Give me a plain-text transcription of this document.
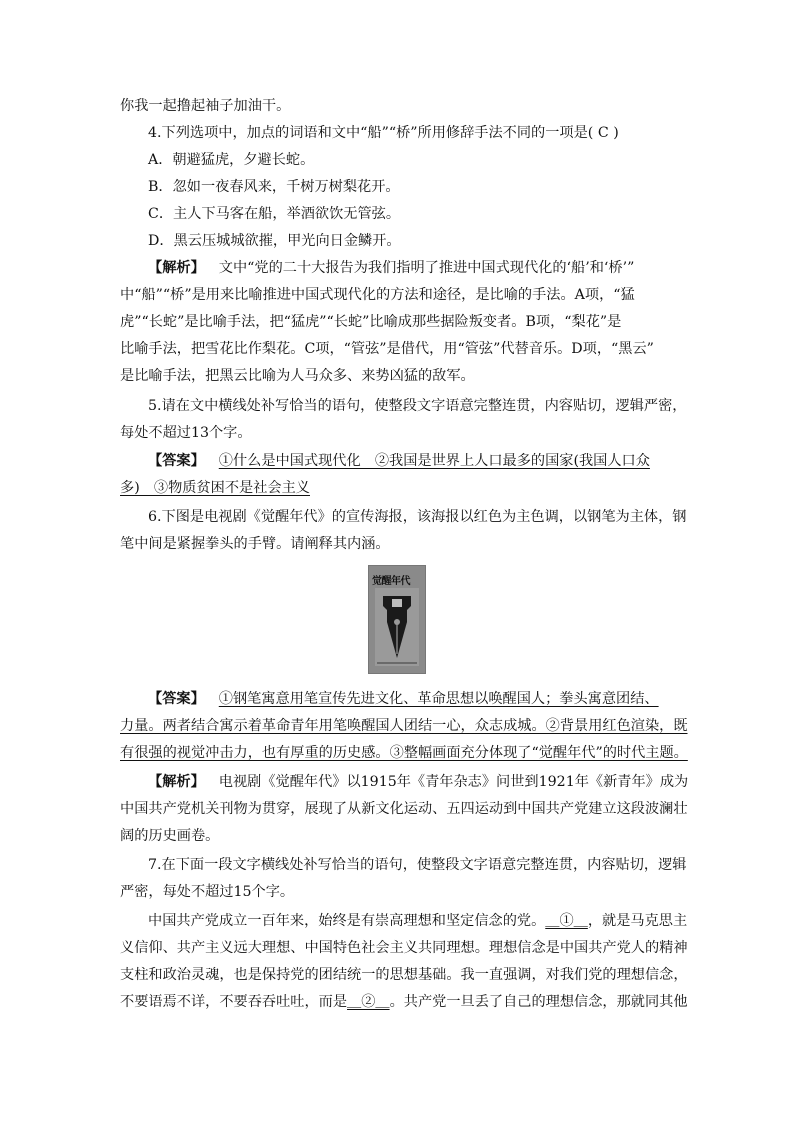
你我一起撸起袖子加油干。
4.下列选项中，加点的词语和文中“船”“桥”所用修辞手法不同的一项是( C )
A．朝避猛虎，夕避长蛇。
B．忽如一夜春风来，千树万树梨花开。
C．主人下马客在船，举酒欲饮无管弦。
D．黑云压城城欲摧，甲光向日金鳞开。
【解析】 文中“党的二十大报告为我们指明了推进中国式现代化的‘船’和‘桥’”
中“船”“桥”是用来比喻推进中国式现代化的方法和途径，是比喻的手法。A项，“猛
虎”“长蛇”是比喻手法，把“猛虎”“长蛇”比喻成那些据险叛变者。B项，“梨花”是
比喻手法，把雪花比作梨花。C项，“管弦”是借代，用“管弦”代替音乐。D项，“黑云”
是比喻手法，把黑云比喻为人马众多、来势凶猛的敌军。
5.请在文中横线处补写恰当的语句，使整段文字语意完整连贯，内容贴切，逻辑严密，
每处不超过13个字。
【答案】 ①什么是中国式现代化　②我国是世界上人口最多的国家(我国人口众
多)　③物质贫困不是社会主义
6.下图是电视剧《觉醒年代》的宣传海报，该海报以红色为主色调，以钢笔为主体，钢
笔中间是紧握拳头的手臂。请阐释其内涵。
觉醒年代
【答案】 ①钢笔寓意用笔宣传先进文化、革命思想以唤醒国人；拳头寓意团结、
力量。两者结合寓示着革命青年用笔唤醒国人团结一心，众志成城。②背景用红色渲染，既
有很强的视觉冲击力，也有厚重的历史感。③整幅画面充分体现了“觉醒年代”的时代主题。
【解析】 电视剧《觉醒年代》以1915年《青年杂志》问世到1921年《新青年》成为
中国共产党机关刊物为贯穿，展现了从新文化运动、五四运动到中国共产党建立这段波澜壮
阔的历史画卷。
7.在下面一段文字横线处补写恰当的语句，使整段文字语意完整连贯，内容贴切，逻辑
严密，每处不超过15个字。
中国共产党成立一百年来，始终是有崇高理想和坚定信念的党。＿①＿，就是马克思主
义信仰、共产主义远大理想、中国特色社会主义共同理想。理想信念是中国共产党人的精神
支柱和政治灵魂，也是保持党的团结统一的思想基础。我一直强调，对我们党的理想信念，
不要语焉不详，不要吞吞吐吐，而是＿②＿。共产党一旦丢了自己的理想信念，那就同其他
